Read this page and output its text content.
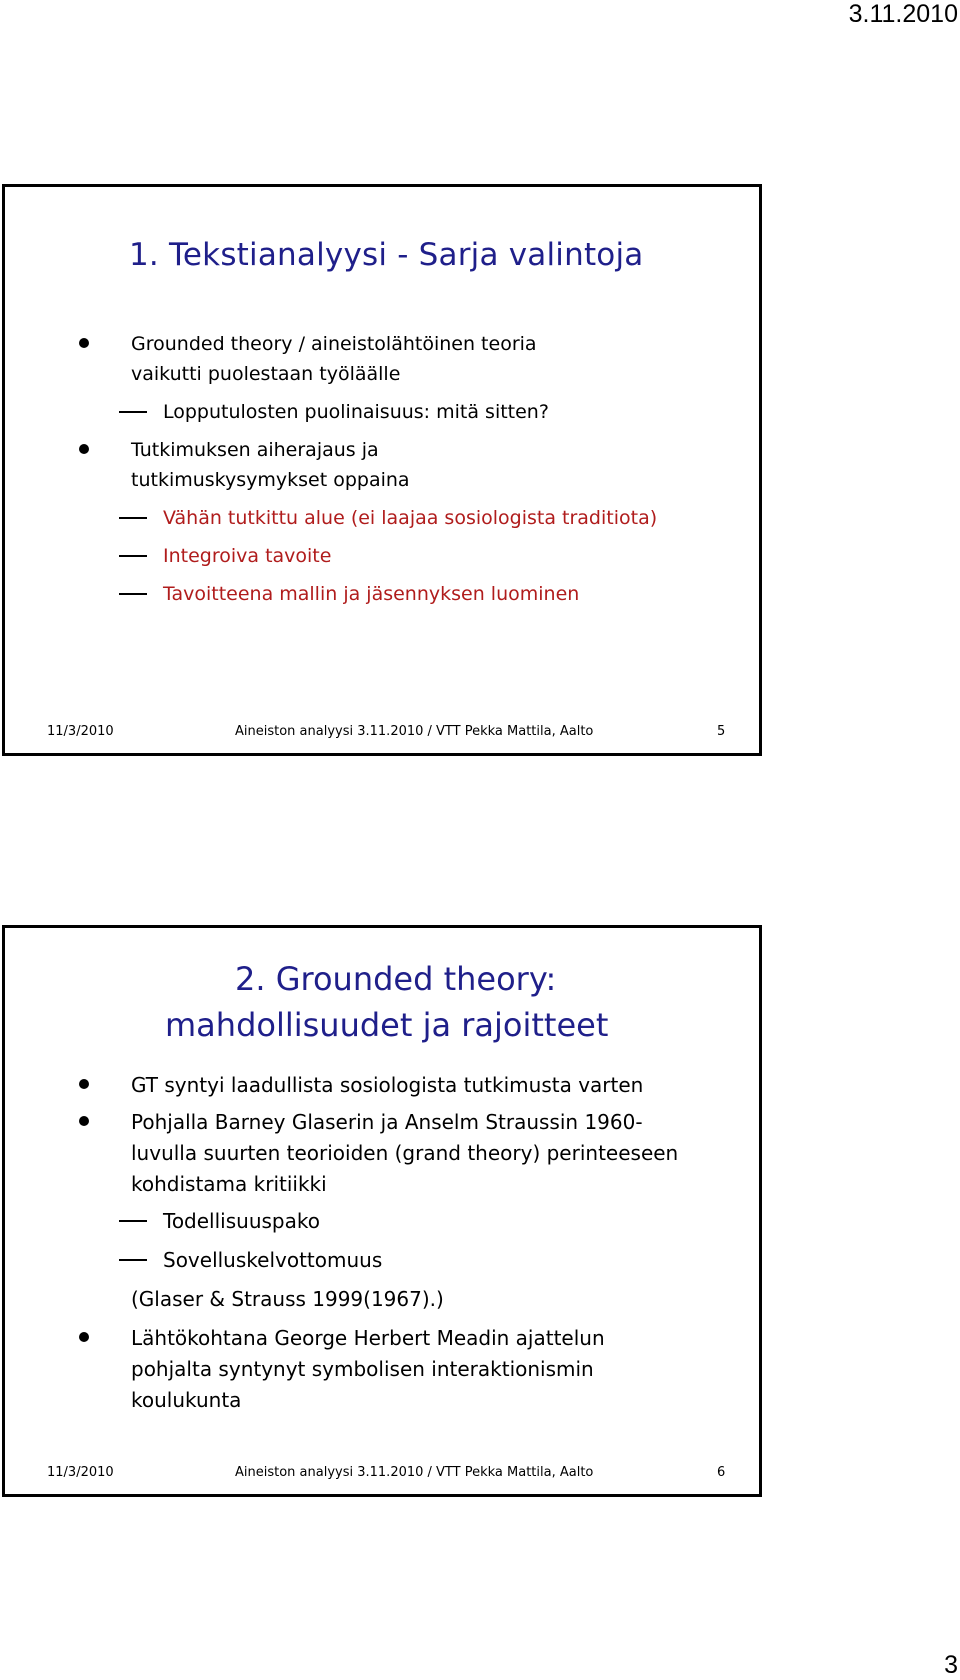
3.11.2010
1. Tekstianalyysi - Sarja valintoja
Grounded theory / aineistolähtöinen teoria vaikutti puolestaan työläälle
Lopputulosten puolinaisuus: mitä sitten?
Tutkimuksen aiherajaus ja tutkimuskysymykset oppaina
Vähän tutkittu alue (ei laajaa sosiologista traditiota)
Integroiva tavoite
Tavoitteena mallin ja jäsennyksen luominen
11/3/2010	Aineiston analyysi 3.11.2010 / VTT Pekka Mattila, Aalto	5
2. Grounded theory:
mahdollisuudet ja rajoitteet
GT syntyi laadullista sosiologista tutkimusta varten
Pohjalla Barney Glaserin ja Anselm Straussin 1960-luvulla suurten teorioiden (grand theory) perinteeseen kohdistama kritiikki
Todellisuuspako
Sovelluskelvottomuus
(Glaser & Strauss 1999(1967).)
Lähtökohtana George Herbert Meadin ajattelun pohjalta syntynyt symbolisen interaktionismin koulukunta
11/3/2010	Aineiston analyysi 3.11.2010 / VTT Pekka Mattila, Aalto	6
3
